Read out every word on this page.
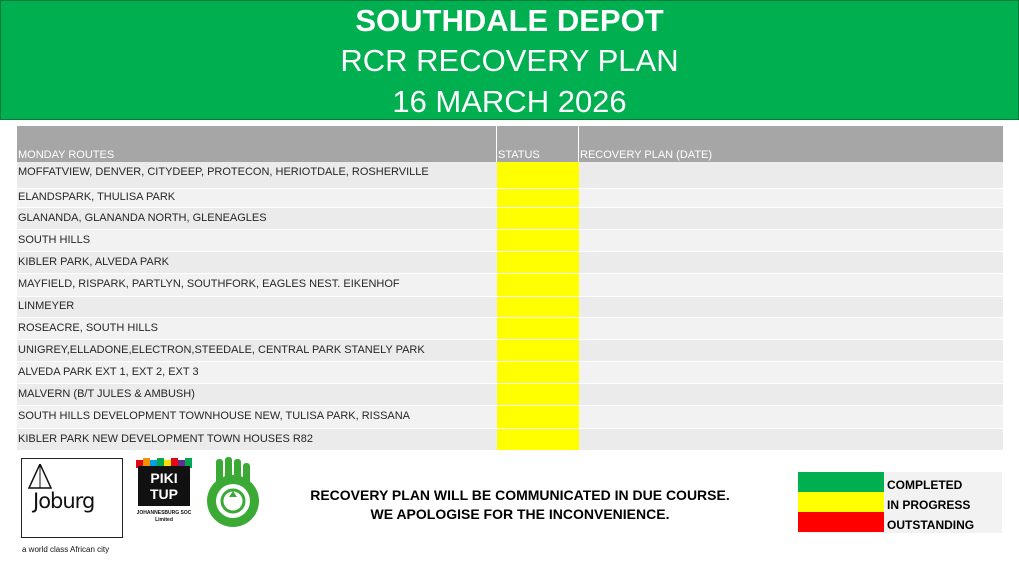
SOUTHDALE DEPOT
RCR RECOVERY PLAN
16 MARCH 2026
MONDAY ROUTES	STATUS	RECOVERY PLAN (DATE)
MOFFATVIEW, DENVER, CITYDEEP, PROTECON, HERIOTDALE, ROSHERVILLE
ELANDSPARK, THULISA PARK
GLANANDA, GLANANDA NORTH, GLENEAGLES
SOUTH HILLS
KIBLER PARK, ALVEDA PARK
MAYFIELD, RISPARK, PARTLYN, SOUTHFORK, EAGLES NEST. EIKENHOF
LINMEYER
ROSEACRE, SOUTH HILLS
UNIGREY,ELLADONE,ELECTRON,STEEDALE, CENTRAL PARK STANELY PARK
ALVEDA PARK EXT 1, EXT 2, EXT 3
MALVERN (B/T JULES & AMBUSH)
SOUTH HILLS DEVELOPMENT TOWNHOUSE NEW, TULISA PARK, RISSANA
KIBLER PARK NEW DEVELOPMENT TOWN HOUSES R82
Joburg
a world class African city
PIKI
TUP
JOHANNESBURG SOC Limited
RECOVERY PLAN WILL BE COMMUNICATED IN DUE COURSE.
WE APOLOGISE FOR THE INCONVENIENCE.
COMPLETED
IN PROGRESS
OUTSTANDING
